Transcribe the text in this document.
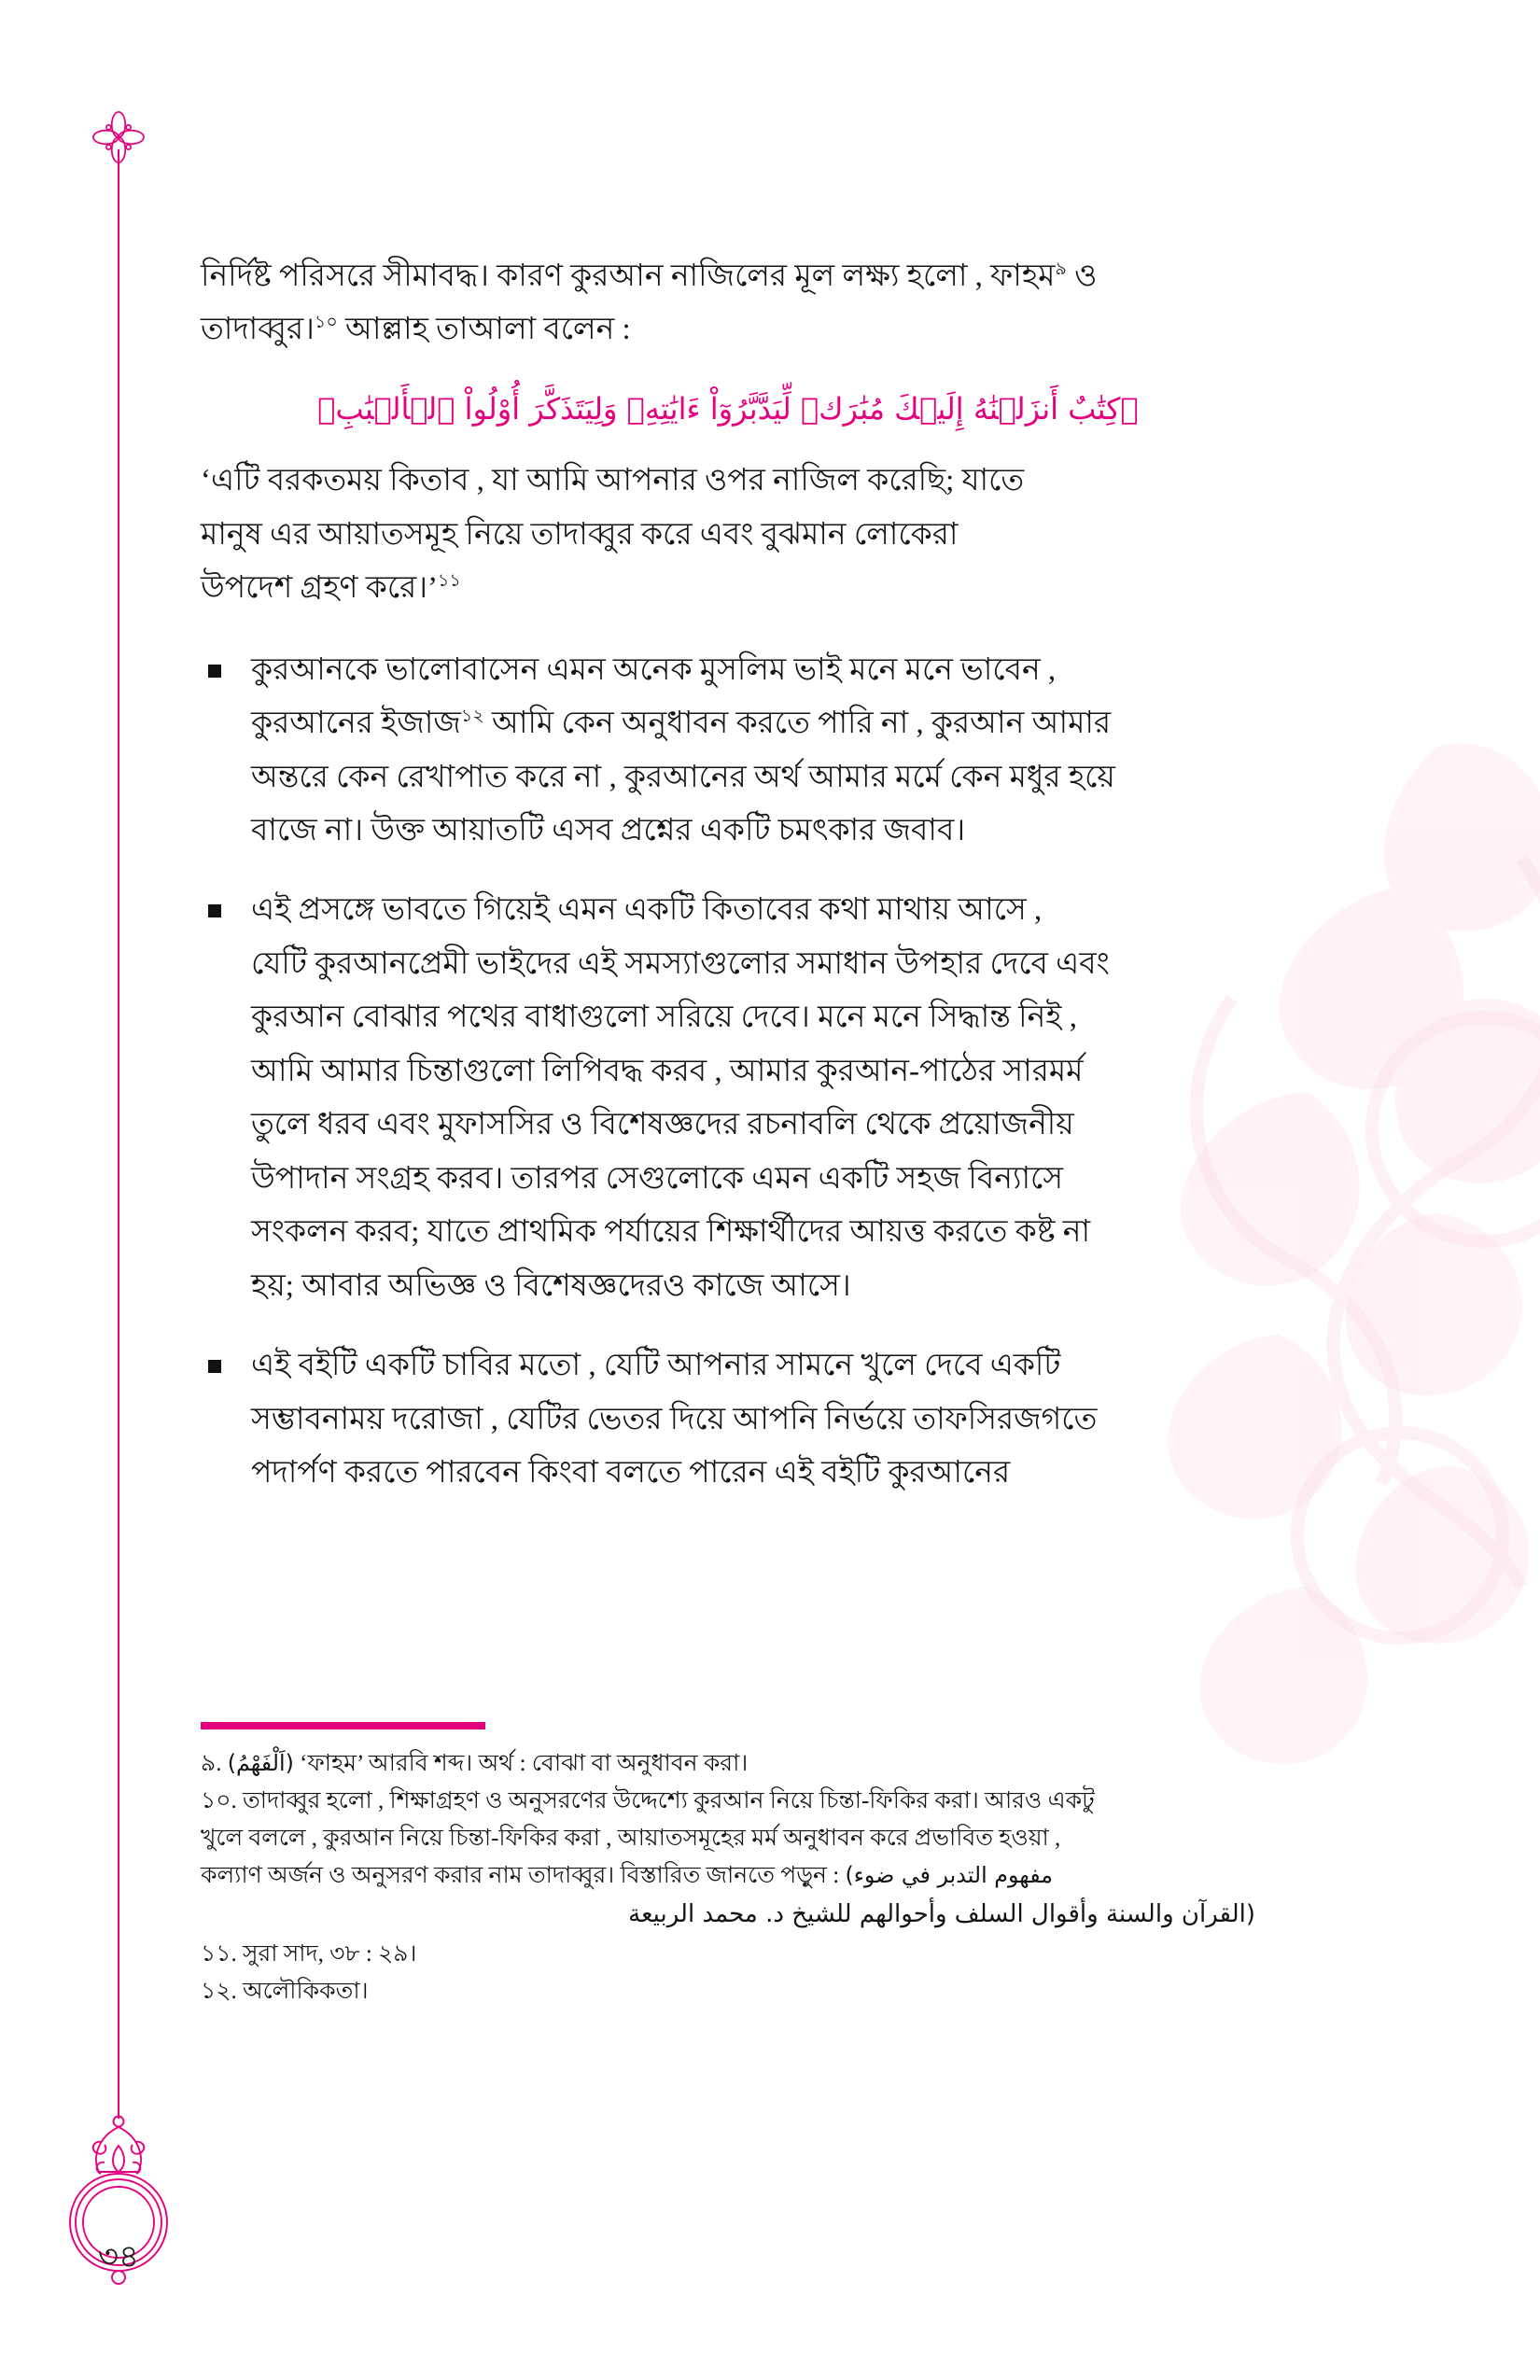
৩৪

নির্দিষ্ট পরিসরে সীমাবদ্ধ। কারণ কুরআন নাজিলের মূল লক্ষ্য হলো , ফাহম$^৯$ ও

তাদাব্বুর।$^{১০}$ আল্লাহ তাআলা বলেন :

﴿كِتَٰبٌ أَنزَلۡنَٰهُ إِلَيۡكَ مُبَٰرَكٞ لِّيَدَّبَّرُوٓاْ ءَايَٰتِهِۦ وَلِيَتَذَكَّرَ أُوْلُواْ ٱلۡأَلۡبَٰبِ﴾

‘এটি বরকতময় কিতাব , যা আমি আপনার ওপর নাজিল করেছি; যাতে

মানুষ এর আয়াতসমূহ নিয়ে তাদাব্বুর করে এবং বুঝমান লোকেরা

উপদেশ গ্রহণ করে।’$^{১১}$

কুরআনকে ভালোবাসেন এমন অনেক মুসলিম ভাই মনে মনে ভাবেন ,

কুরআনের ইজাজ$^{১২}$ আমি কেন অনুধাবন করতে পারি না , কুরআন আমার

অন্তরে কেন রেখাপাত করে না , কুরআনের অর্থ আমার মর্মে কেন মধুর হয়ে

বাজে না। উক্ত আয়াতটি এসব প্রশ্নের একটি চমৎকার জবাব।

এই প্রসঙ্গে ভাবতে গিয়েই এমন একটি কিতাবের কথা মাথায় আসে ,

যেটি কুরআনপ্রেমী ভাইদের এই সমস্যাগুলোর সমাধান উপহার দেবে এবং

কুরআন বোঝার পথের বাধাগুলো সরিয়ে দেবে। মনে মনে সিদ্ধান্ত নিই ,

আমি আমার চিন্তাগুলো লিপিবদ্ধ করব , আমার কুরআন-পাঠের সারমর্ম

তুলে ধরব এবং মুফাসসির ও বিশেষজ্ঞদের রচনাবলি থেকে প্রয়োজনীয়

উপাদান সংগ্রহ করব। তারপর সেগুলোকে এমন একটি সহজ বিন্যাসে

সংকলন করব; যাতে প্রাথমিক পর্যায়ের শিক্ষার্থীদের আয়ত্ত করতে কষ্ট না

হয়; আবার অভিজ্ঞ ও বিশেষজ্ঞদেরও কাজে আসে।

এই বইটি একটি চাবির মতো , যেটি আপনার সামনে খুলে দেবে একটি

সম্ভাবনাময় দরোজা , যেটির ভেতর দিয়ে আপনি নির্ভয়ে তাফসিরজগতে

পদার্পণ করতে পারবেন কিংবা বলতে পারেন এই বইটি কুরআনের

৯. (اَلْفَهْمُ) ‘ফাহম’ আরবি শব্দ। অর্থ : বোঝা বা অনুধাবন করা।

১০. তাদাব্বুর হলো , শিক্ষাগ্রহণ ও অনুসরণের উদ্দেশ্যে কুরআন নিয়ে চিন্তা-ফিকির করা। আরও একটু

খুলে বললে , কুরআন নিয়ে চিন্তা-ফিকির করা , আয়াতসমূহের মর্ম অনুধাবন করে প্রভাবিত হওয়া ,

কল্যাণ অর্জন ও অনুসরণ করার নাম তাদাব্বুর। বিস্তারিত জানতে পড়ুন : مفهوم التدبر في ضوء)

(القرآن والسنة وأقوال السلف وأحوالهم للشيخ د. محمد الربيعة

১১. সুরা সাদ, ৩৮ : ২৯।

১২. অলৌকিকতা।
